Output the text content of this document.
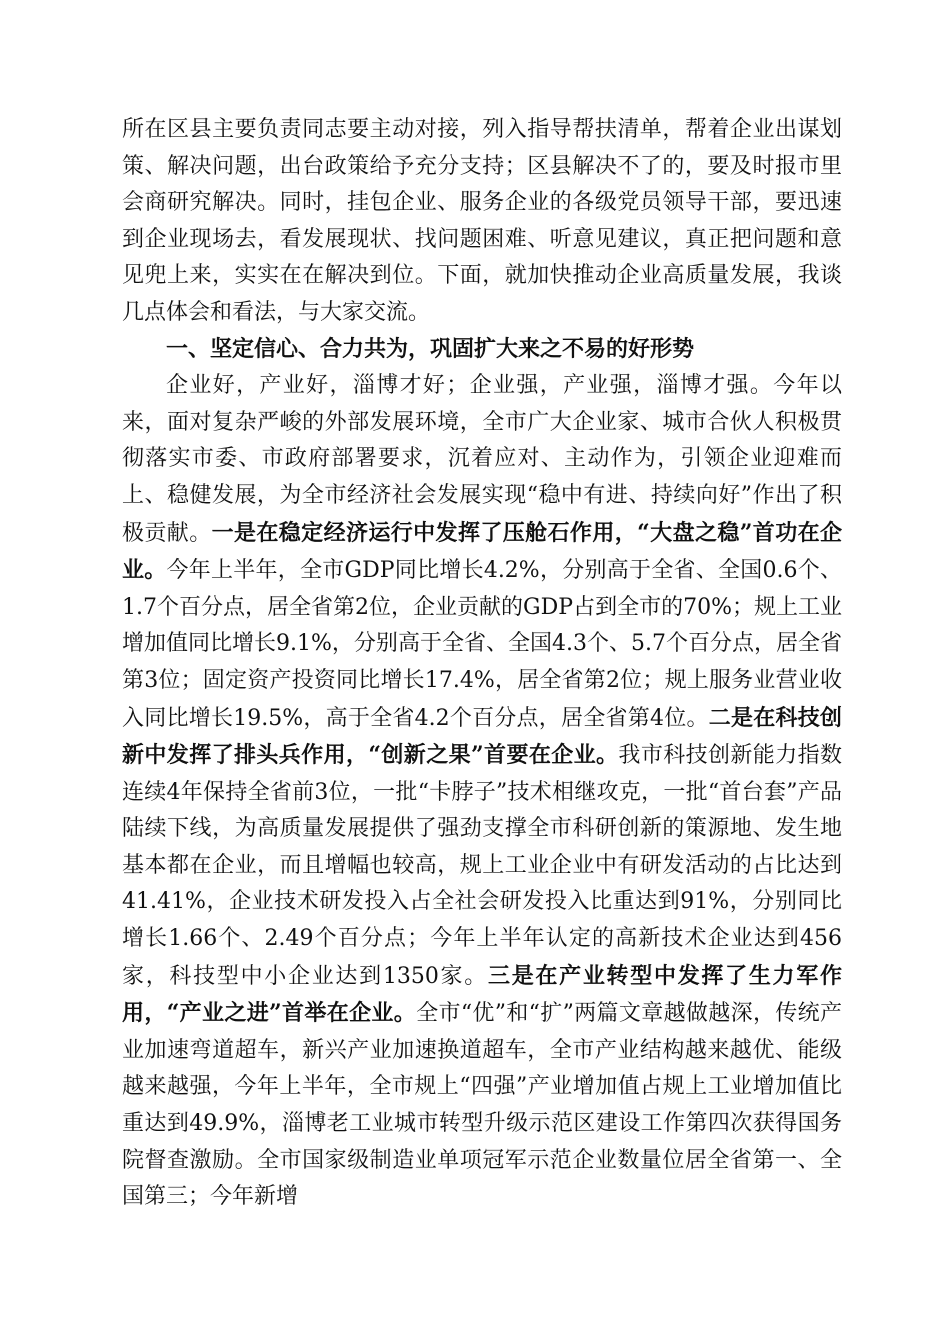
所在区县主要负责同志要主动对接，列入指导帮扶清单，帮着企业出谋划策、解决问题，出台政策给予充分支持；区县解决不了的，要及时报市里会商研究解决。同时，挂包企业、服务企业的各级党员领导干部，要迅速到企业现场去，看发展现状、找问题困难、听意见建议，真正把问题和意见兜上来，实实在在解决到位。下面，就加快推动企业高质量发展，我谈几点体会和看法，与大家交流。

一、坚定信心、合力共为，巩固扩大来之不易的好形势

企业好，产业好，淄博才好；企业强，产业强，淄博才强。今年以来，面对复杂严峻的外部发展环境，全市广大企业家、城市合伙人积极贯彻落实市委、市政府部署要求，沉着应对、主动作为，引领企业迎难而上、稳健发展，为全市经济社会发展实现“稳中有进、持续向好”作出了积极贡献。一是在稳定经济运行中发挥了压舱石作用，“大盘之稳”首功在企业。今年上半年，全市GDP同比增长4.2%，分别高于全省、全国0.6个、1.7个百分点，居全省第2位，企业贡献的GDP占到全市的70%；规上工业增加值同比增长9.1%，分别高于全省、全国4.3个、5.7个百分点，居全省第3位；固定资产投资同比增长17.4%，居全省第2位；规上服务业营业收入同比增长19.5%，高于全省4.2个百分点，居全省第4位。二是在科技创新中发挥了排头兵作用，“创新之果”首要在企业。我市科技创新能力指数连续4年保持全省前3位，一批“卡脖子”技术相继攻克，一批“首台套”产品陆续下线，为高质量发展提供了强劲支撑全市科研创新的策源地、发生地基本都在企业，而且增幅也较高，规上工业企业中有研发活动的占比达到41.41%，企业技术研发投入占全社会研发投入比重达到91%，分别同比增长1.66个、2.49个百分点；今年上半年认定的高新技术企业达到456家，科技型中小企业达到1350家。三是在产业转型中发挥了生力军作用，“产业之进”首举在企业。全市“优”和“扩”两篇文章越做越深，传统产业加速弯道超车，新兴产业加速换道超车，全市产业结构越来越优、能级越来越强，今年上半年，全市规上“四强”产业增加值占规上工业增加值比重达到49.9%，淄博老工业城市转型升级示范区建设工作第四次获得国务院督查激励。全市国家级制造业单项冠军示范企业数量位居全省第一、全国第三；今年新增
